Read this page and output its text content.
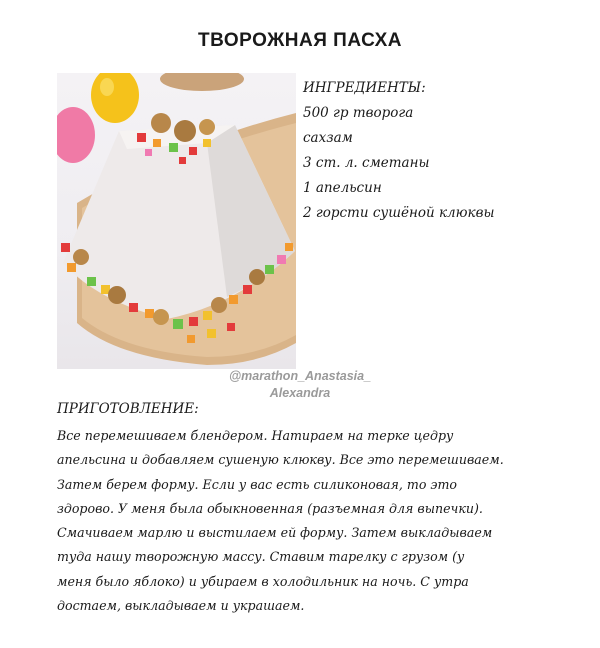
ТВОРОЖНАЯ ПАСХА
ИНГРЕДИЕНТЫ:
500 гр творога
сахзам
3 ст. л. сметаны
1 апельсин
2 горсти сушёной клюквы
@marathon_Anastasia_
Alexandra
ПРИГОТОВЛЕНИЕ:
Все перемешиваем блендером. Натираем на терке цедру
апельсина и добавляем сушеную клюкву. Все это перемешиваем.
Затем берем форму. Если у вас есть силиконовая, то это
здорово. У меня была обыкновенная (разъемная для выпечки).
Смачиваем марлю и выстилаем ей форму. Затем выкладываем
туда нашу творожную массу. Ставим тарелку с грузом (у
меня было яблоко) и убираем в холодильник на ночь. С утра
достаем, выкладываем и украшаем.
